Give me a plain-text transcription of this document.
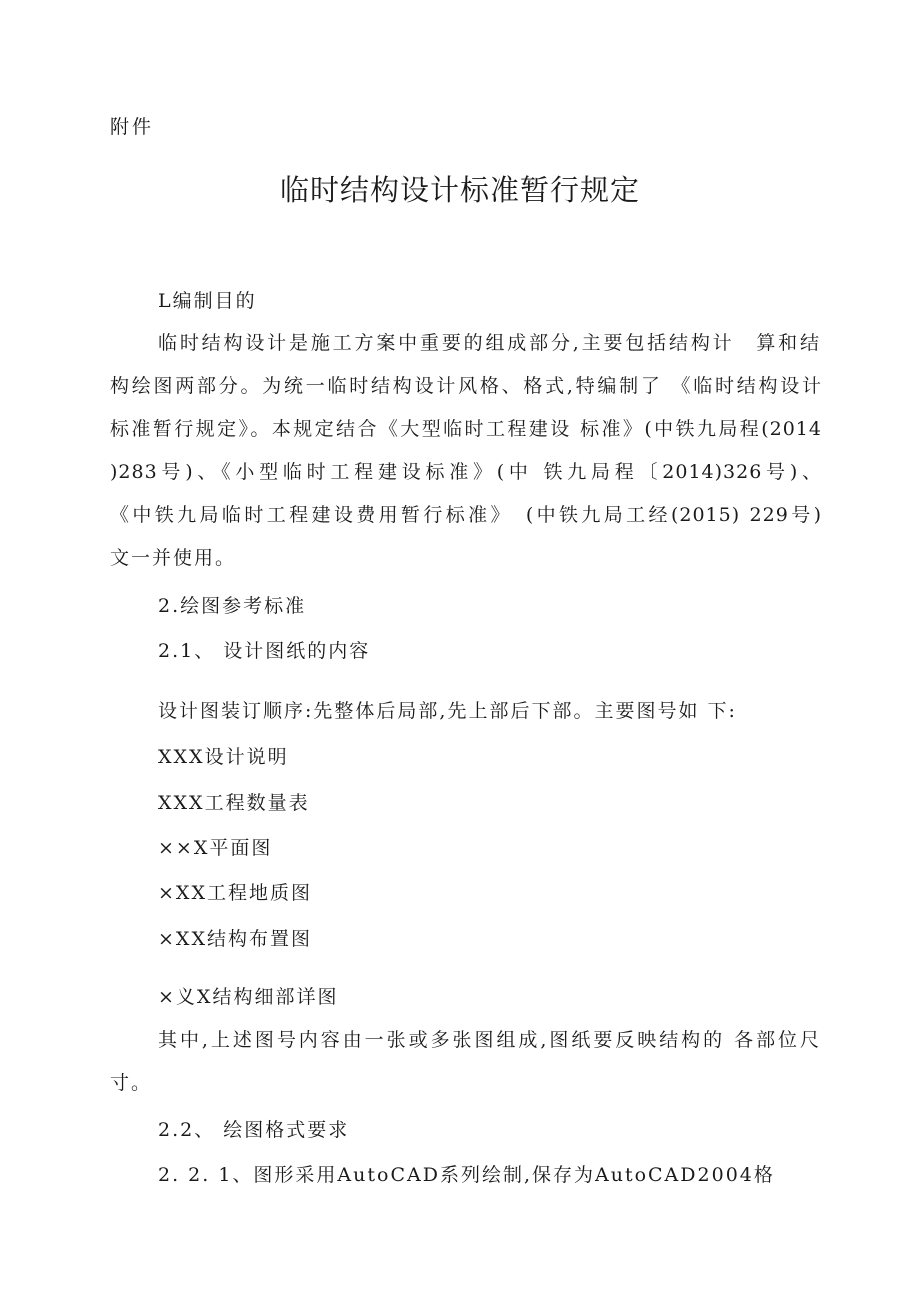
附件
临时结构设计标准暂行规定
L编制目的
临时结构设计是施工方案中重要的组成部分,主要包括结构计　算和结
构绘图两部分。为统一临时结构设计风格、格式,特编制了 《临时结构设计
标准暂行规定》。本规定结合《大型临时工程建设 标准》(中铁九局程(2014
)283号)、《小型临时工程建设标准》(中 铁九局程〔2014)326号)、
《中铁九局临时工程建设费用暂行标准》　(中铁九局工经(2015) 229号)
文一并使用。
2.绘图参考标准
2.1、 设计图纸的内容
设计图装订顺序:先整体后局部,先上部后下部。主要图号如 下:
XXX设计说明
XXX工程数量表
××X平面图
×XX工程地质图
×XX结构布置图
×义X结构细部详图
其中,上述图号内容由一张或多张图组成,图纸要反映结构的 各部位尺
寸。
2.2、 绘图格式要求
2. 2. 1、图形采用AutoCAD系列绘制,保存为AutoCAD2004格
